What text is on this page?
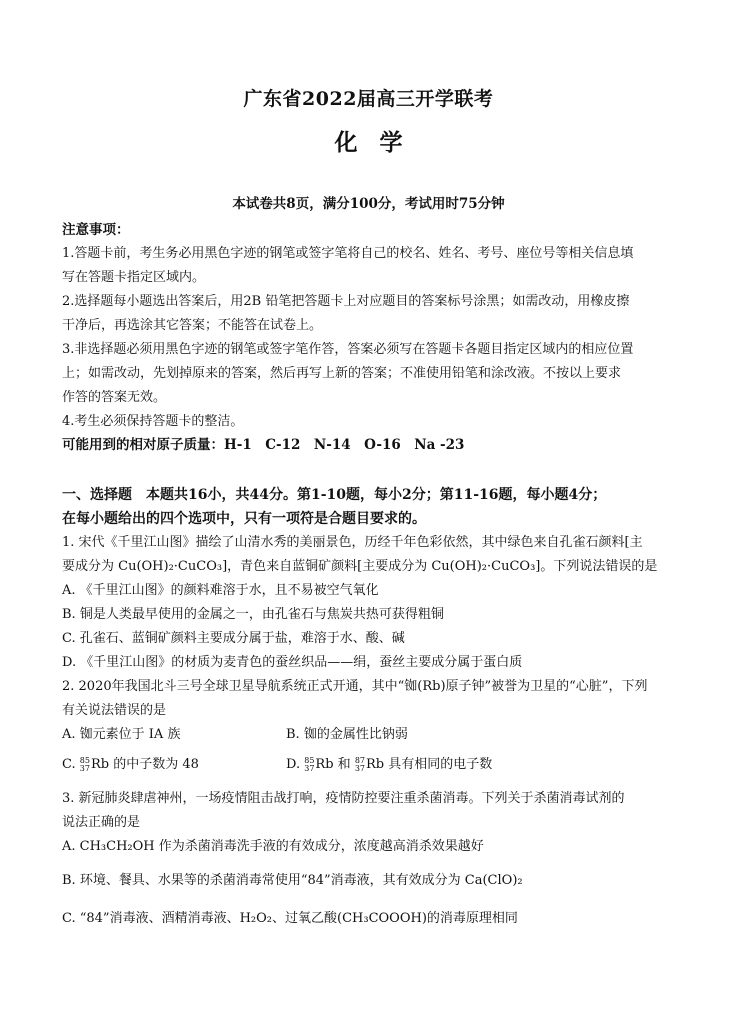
广东省2022届高三开学联考
化学
本试卷共8页，满分100分，考试用时75分钟
注意事项：
1.答题卡前，考生务必用黑色字迹的钢笔或签字笔将自己的校名、姓名、考号、座位号等相关信息填
写在答题卡指定区域内。
2.选择题每小题选出答案后，用2B 铅笔把答题卡上对应题目的答案标号涂黑；如需改动，用橡皮擦
干净后，再选涂其它答案；不能答在试卷上。
3.非选择题必须用黑色字迹的钢笔或签字笔作答，答案必须写在答题卡各题目指定区域内的相应位置
上；如需改动，先划掉原来的答案，然后再写上新的答案；不准使用铅笔和涂改液。不按以上要求
作答的答案无效。
4.考生必须保持答题卡的整洁。
可能用到的相对原子质量：H-1　C-12　N-14　O-16　Na -23
一、选择题　本题共16小，共44分。第1-10题，每小2分；第11-16题，每小题4分；
在每小题给出的四个选项中，只有一项符是合题目要求的。
1. 宋代《千里江山图》描绘了山清水秀的美丽景色，历经千年色彩依然，其中绿色来自孔雀石颜料[主
要成分为 Cu(OH)₂·CuCO₃]，青色来自蓝铜矿颜料[主要成分为 Cu(OH)₂·CuCO₃]。下列说法错误的是
A. 《千里江山图》的颜料难溶于水，且不易被空气氧化
B. 铜是人类最早使用的金属之一，由孔雀石与焦炭共热可获得粗铜
C. 孔雀石、蓝铜矿颜料主要成分属于盐，难溶于水、酸、碱
D. 《千里江山图》的材质为麦青色的蚕丝织品——绢，蚕丝主要成分属于蛋白质
2. 2020年我国北斗三号全球卫星导航系统正式开通，其中“铷(Rb)原子钟”被誉为卫星的“心脏”，下列
有关说法错误的是
A. 铷元素位于 IA 族	B. 铷的金属性比钠弱
C. 85
37 Rb 的中子数为 48	D. 85
37 Rb 和 87
37 Rb 具有相同的电子数
3. 新冠肺炎肆虐神州，一场疫情阻击战打响，疫情防控要注重杀菌消毒。下列关于杀菌消毒试剂的
说法正确的是
A. CH₃CH₂OH 作为杀菌消毒洗手液的有效成分，浓度越高消杀效果越好
B. 环境、餐具、水果等的杀菌消毒常使用“84”消毒液，其有效成分为 Ca(ClO)₂
C. “84”消毒液、酒精消毒液、H₂O₂、过氧乙酸(CH₃COOOH)的消毒原理相同
